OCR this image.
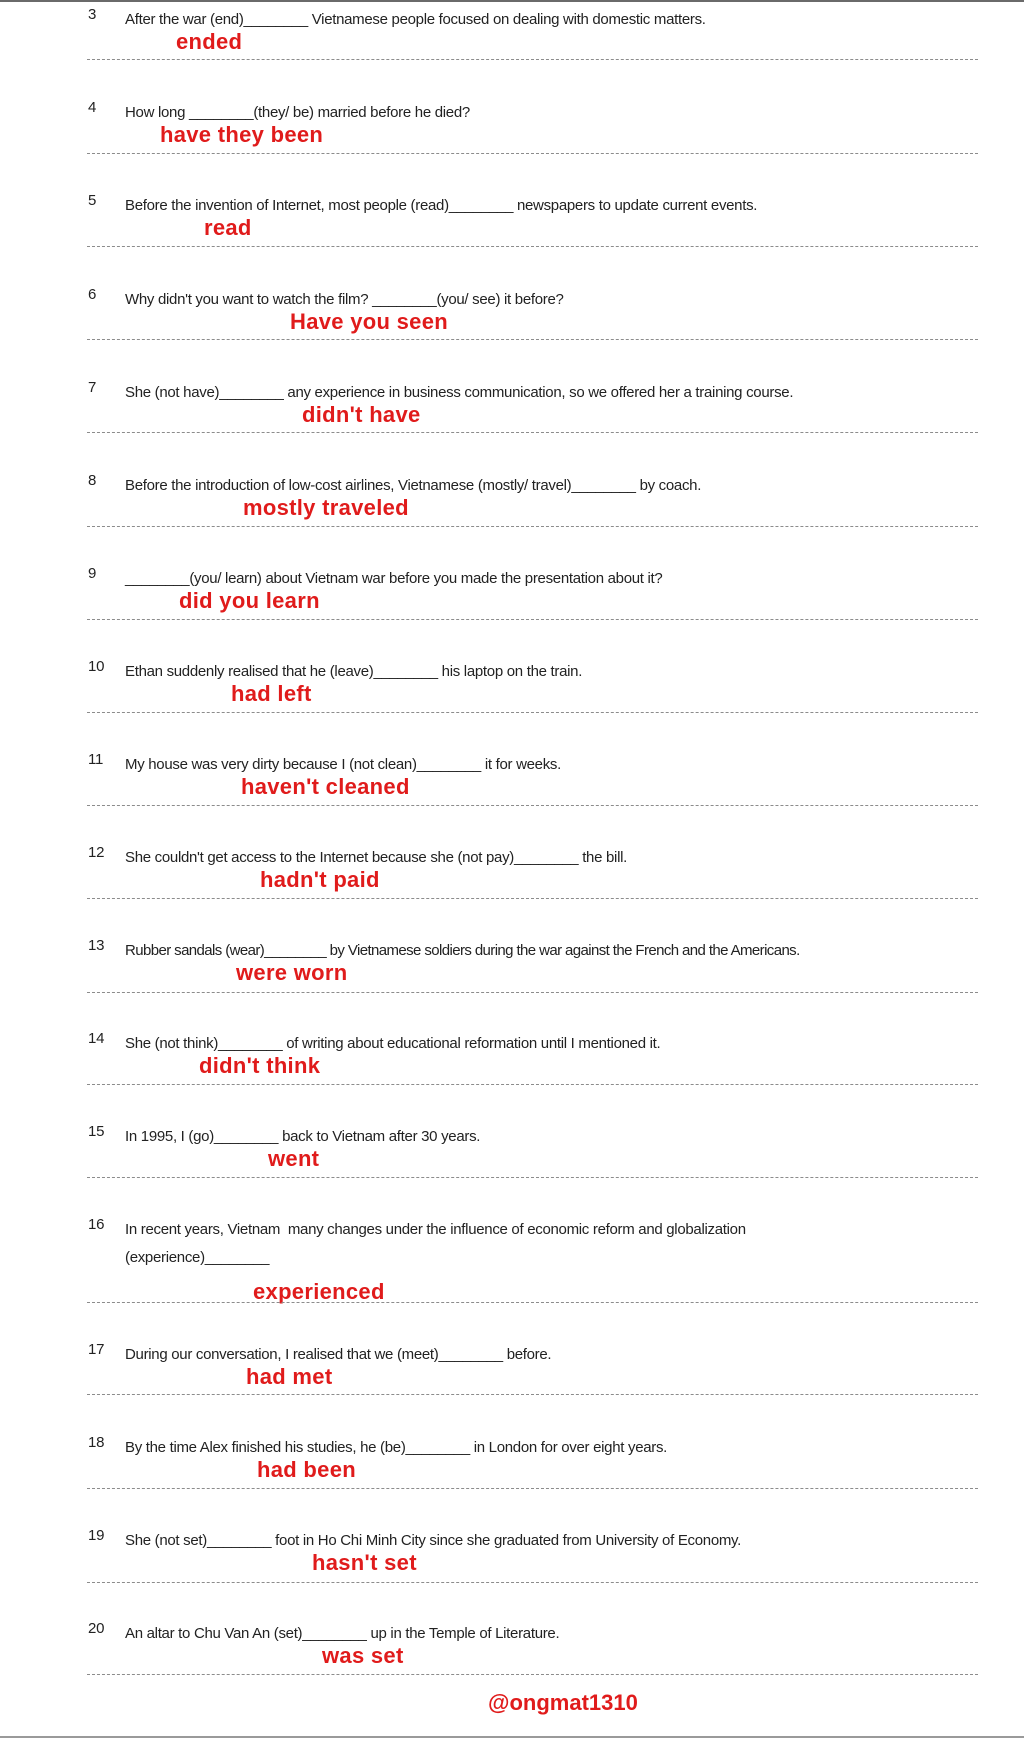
3 After the war (end)________ Vietnamese people focused on dealing with domestic matters.
ended
4 How long ________(they/ be) married before he died?
have they been
5 Before the invention of Internet, most people (read)________ newspapers to update current events.
read
6 Why didn't you want to watch the film? ________(you/ see) it before?
Have you seen
7 She (not have)________ any experience in business communication, so we offered her a training course.
didn't have
8 Before the introduction of low-cost airlines, Vietnamese (mostly/ travel)________ by coach.
mostly traveled
9 ________(you/ learn) about Vietnam war before you made the presentation about it?
did you learn
10 Ethan suddenly realised that he (leave)________ his laptop on the train.
had left
11 My house was very dirty because I (not clean)________ it for weeks.
haven't cleaned
12 She couldn't get access to the Internet because she (not pay)________ the bill.
hadn't paid
13 Rubber sandals (wear)________ by Vietnamese soldiers during the war against the French and the Americans.
were worn
14 She (not think)________ of writing about educational reformation until I mentioned it.
didn't think
15 In 1995, I (go)________ back to Vietnam after 30 years.
went
16 In recent years, Vietnam  many changes under the influence of economic reform and globalization
(experience)________
experienced
17 During our conversation, I realised that we (meet)________ before.
had met
18 By the time Alex finished his studies, he (be)________ in London for over eight years.
had been
19 She (not set)________ foot in Ho Chi Minh City since she graduated from University of Economy.
hasn't set
20 An altar to Chu Van An (set)________ up in the Temple of Literature.
was set
@ongmat1310
